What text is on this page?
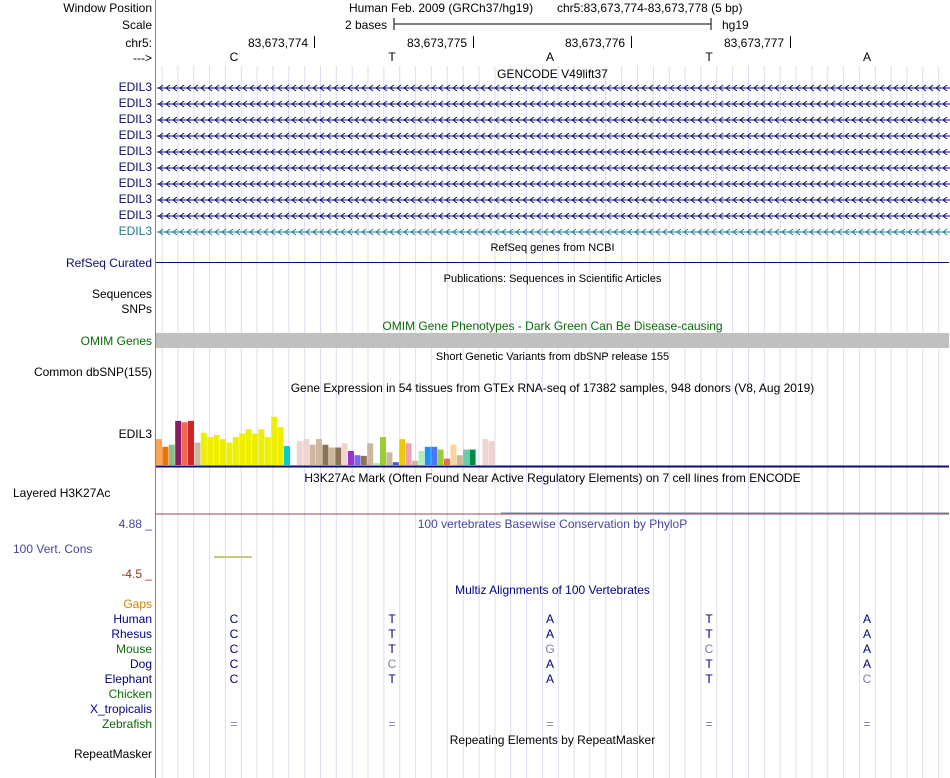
Window Position	Human Feb. 2009 (GRCh37/hg19) chr5:83,673,774-83,673,778 (5 bp)
Scale	2 bases	hg19
chr5:	83,673,774	83,673,775	83,673,776	83,673,777
--->	C	T	A	T	A
GENCODE V49lift37
EDIL3
EDIL3
EDIL3
EDIL3
EDIL3
EDIL3
EDIL3
EDIL3
EDIL3
EDIL3
RefSeq genes from NCBI
RefSeq Curated
Publications: Sequences in Scientific Articles
Sequences
SNPs
OMIM Gene Phenotypes - Dark Green Can Be Disease-causing
OMIM Genes
Short Genetic Variants from dbSNP release 155
Common dbSNP(155)
Gene Expression in 54 tissues from GTEx RNA-seq of 17382 samples, 948 donors (V8, Aug 2019)
EDIL3
H3K27Ac Mark (Often Found Near Active Regulatory Elements) on 7 cell lines from ENCODE
Layered H3K27Ac
4.88 _	100 vertebrates Basewise Conservation by PhyloP
100 Vert. Cons
-4.5 _
Multiz Alignments of 100 Vertebrates
Gaps
Human	C	T	A	T	A
Rhesus	C	T	A	T	A
Mouse	C	T	G	C	A
Dog	C	C	A	T	A
Elephant	C	T	A	T	C
Chicken
X_tropicalis
Zebrafish	=	=	=	=	=
Repeating Elements by RepeatMasker
RepeatMasker
